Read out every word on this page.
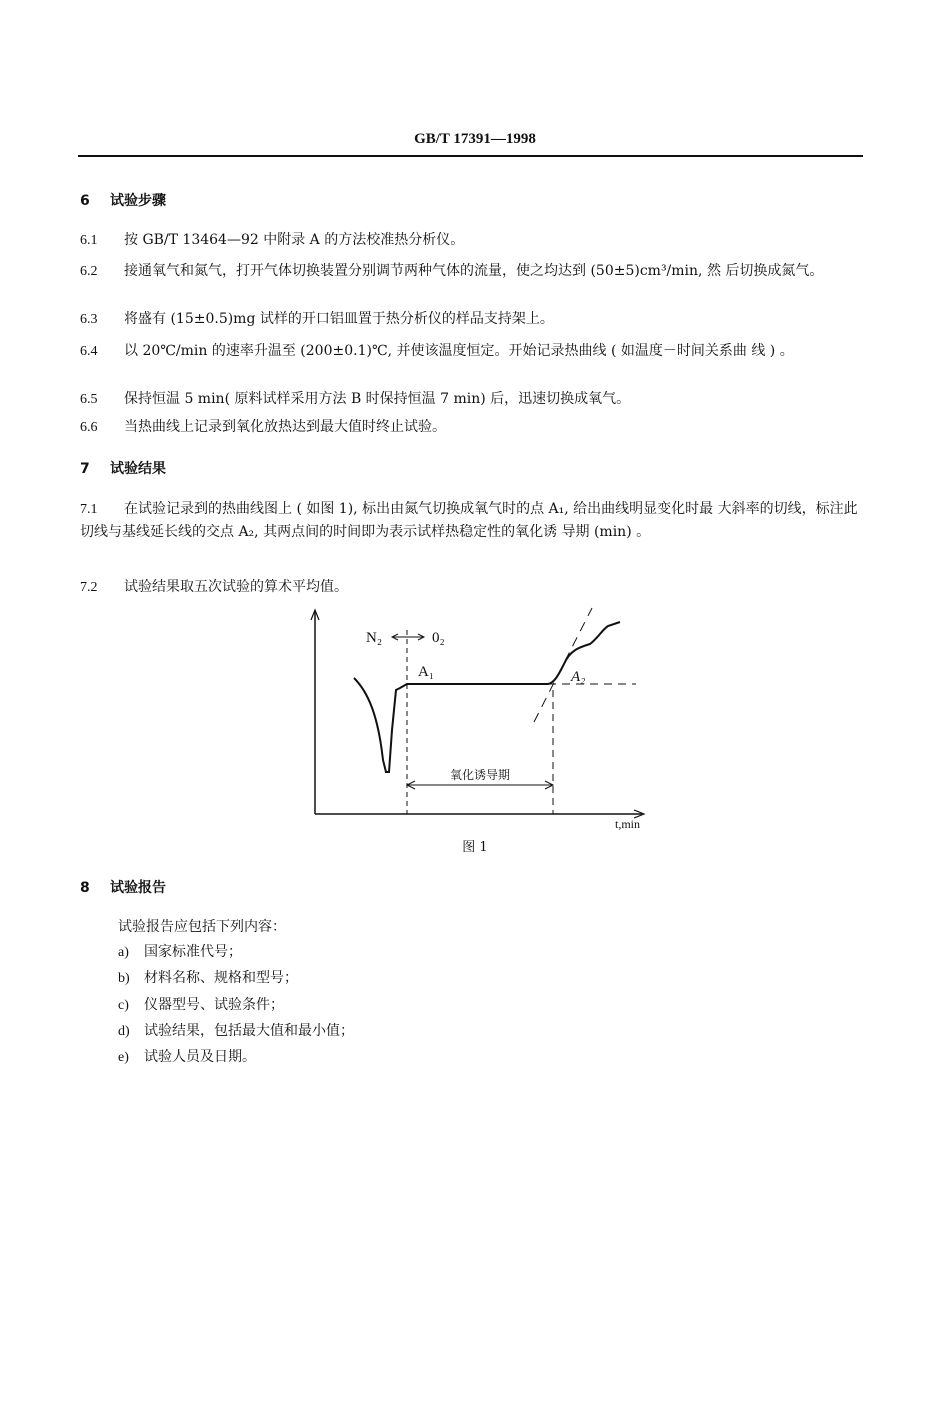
GB/T 17391—1998
6 试验步骤
6.1 按 GB/T 13464—92 中附录 A 的方法校准热分析仪。
6.2 接通氧气和氮气，打开气体切换装置分别调节两种气体的流量，使之均达到 (50±5)cm³/min, 然 后切换成氮气。
6.3 将盛有 (15±0.5)mg 试样的开口铝皿置于热分析仪的样品支持架上。
6.4 以 20℃/min 的速率升温至 (200±0.1)℃, 并使该温度恒定。开始记录热曲线 ( 如温度－时间关系曲 线 ) 。
6.5 保持恒温 5 min( 原料试样采用方法 B 时保持恒温 7 min) 后，迅速切换成氧气。
6.6 当热曲线上记录到氧化放热达到最大值时终止试验。
7 试验结果
7.1 在试验记录到的热曲线图上 ( 如图 1), 标出由氮气切换成氧气时的点 A₁, 给出曲线明显变化时最 大斜率的切线，标注此切线与基线延长线的交点 A₂, 其两点间的时间即为表示试样热稳定性的氧化诱 导期 (min) 。
7.2 试验结果取五次试验的算术平均值。
N₂	0₂
A₁	A₂
氧化诱导期
t,min
图 1
8 试验报告
试验报告应包括下列内容：
a) 国家标准代号；
b) 材料名称、规格和型号；
c) 仪器型号、试验条件；
d) 试验结果，包括最大值和最小值；
e) 试验人员及日期。
